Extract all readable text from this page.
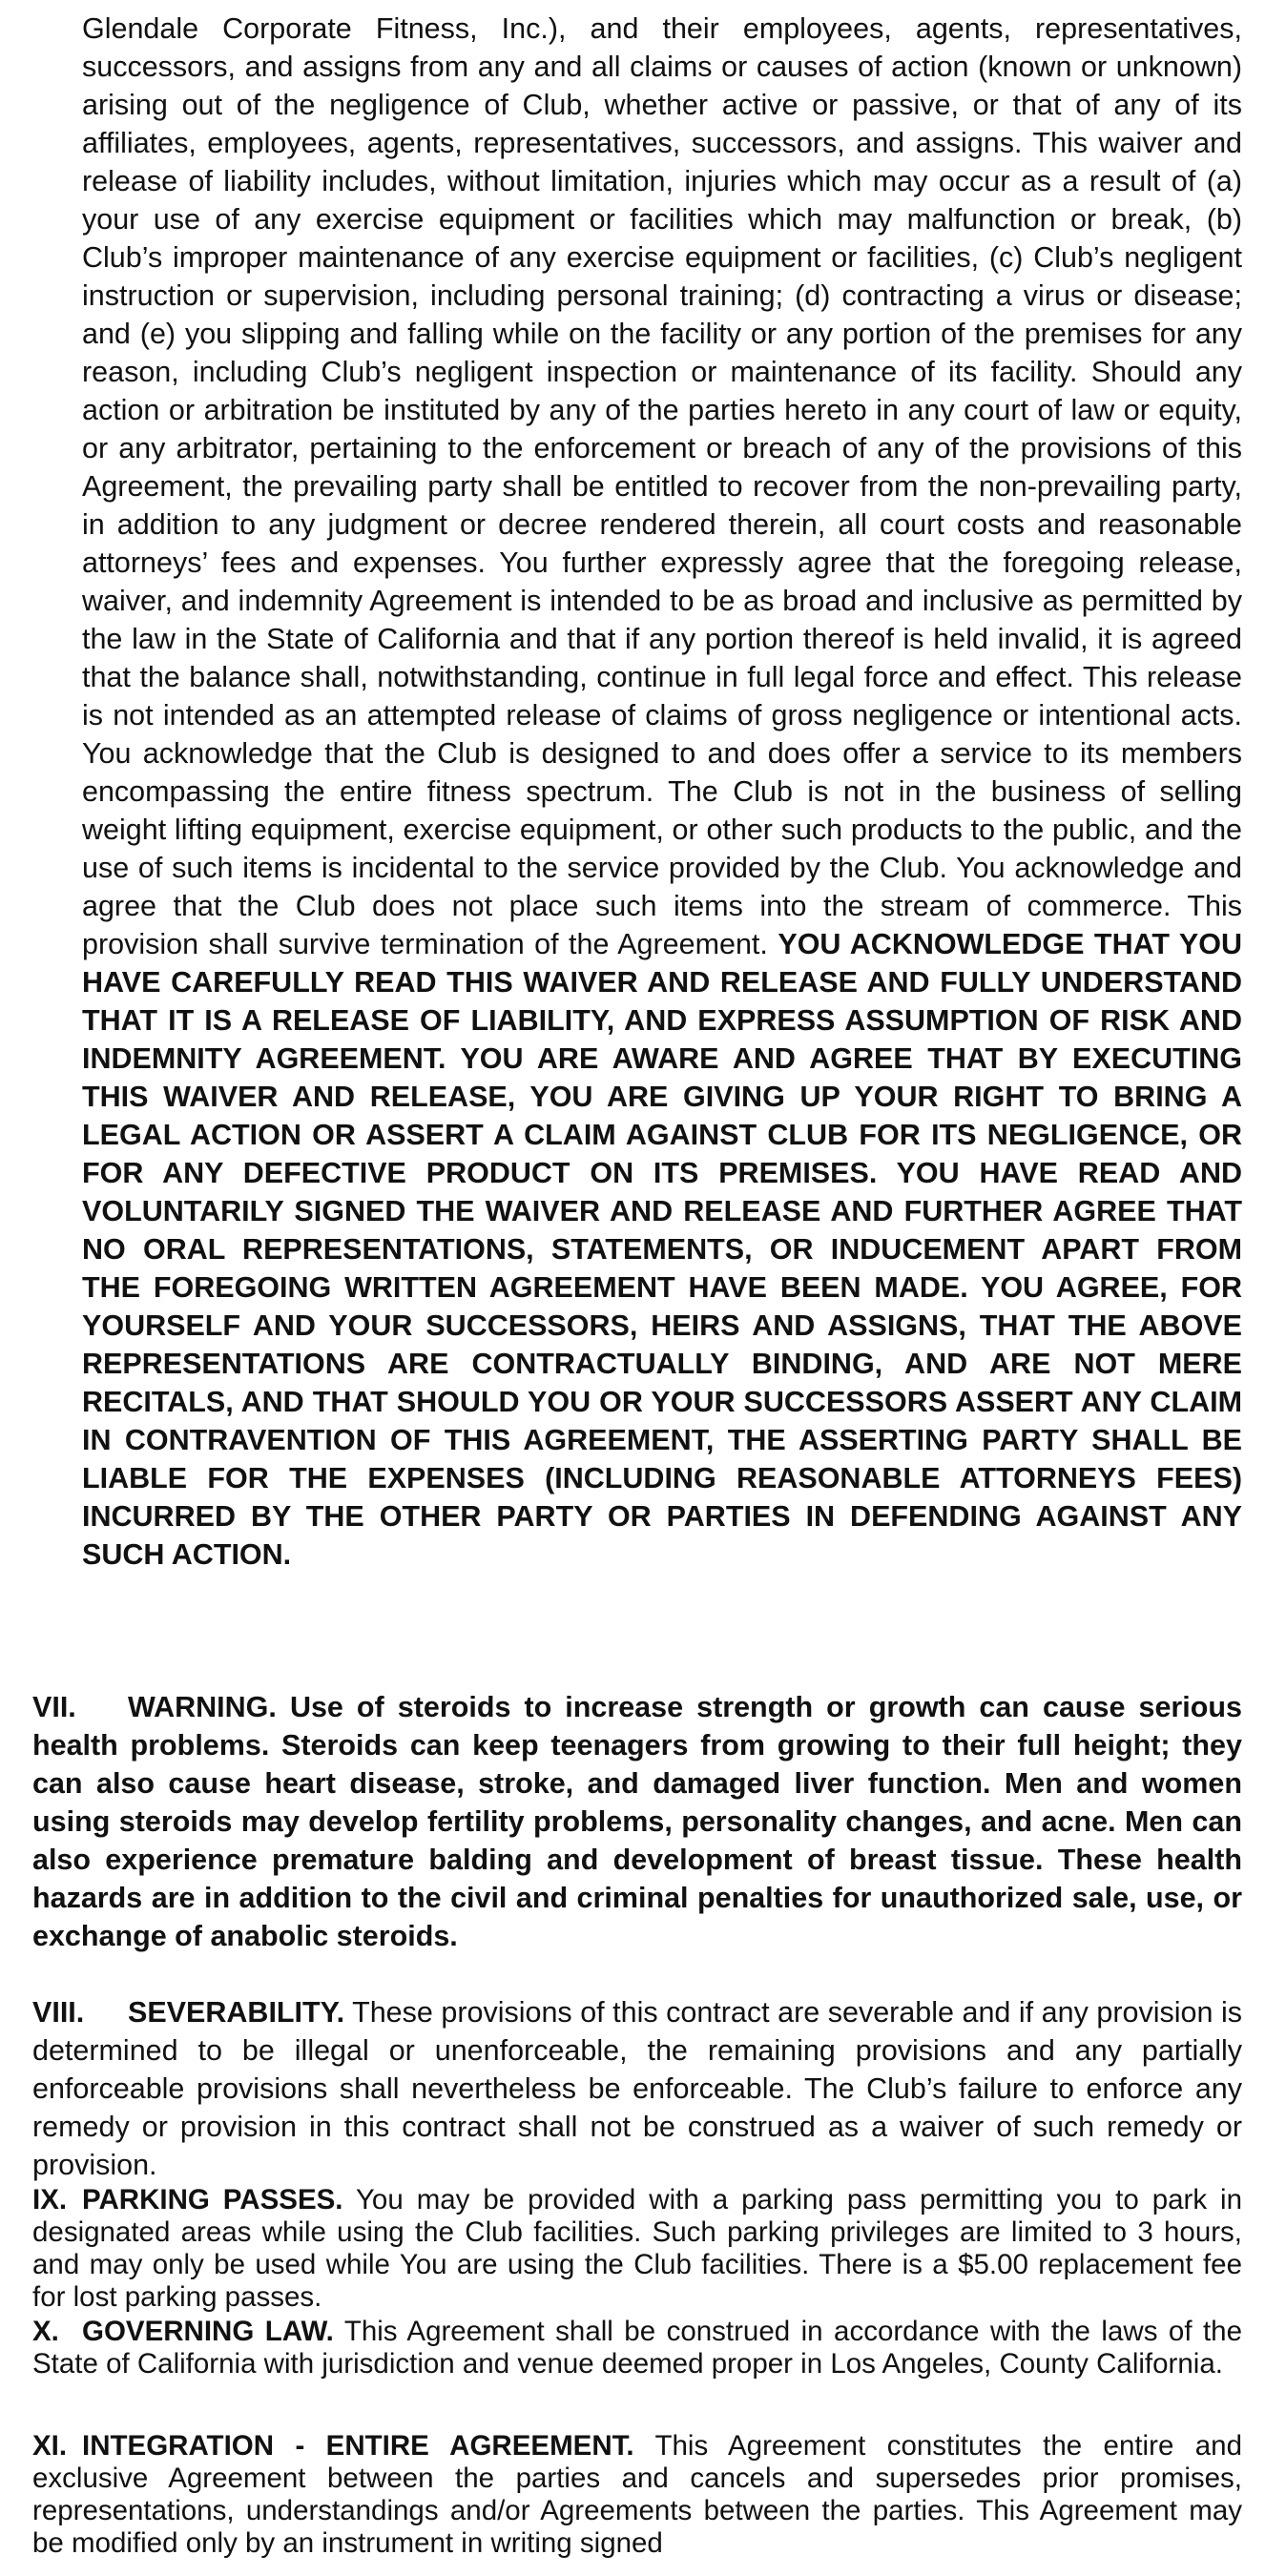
Glendale Corporate Fitness, Inc.), and their employees, agents, representatives, successors, and assigns from any and all claims or causes of action (known or unknown) arising out of the negligence of Club, whether active or passive, or that of any of its affiliates, employees, agents, representatives, successors, and assigns. This waiver and release of liability includes, without limitation, injuries which may occur as a result of (a) your use of any exercise equipment or facilities which may malfunction or break, (b) Club’s improper maintenance of any exercise equipment or facilities, (c) Club’s negligent instruction or supervision, including personal training; (d) contracting a virus or disease; and (e) you slipping and falling while on the facility or any portion of the premises for any reason, including Club’s negligent inspection or maintenance of its facility. Should any action or arbitration be instituted by any of the parties hereto in any court of law or equity, or any arbitrator, pertaining to the enforcement or breach of any of the provisions of this Agreement, the prevailing party shall be entitled to recover from the non-prevailing party, in addition to any judgment or decree rendered therein, all court costs and reasonable attorneys’ fees and expenses. You further expressly agree that the foregoing release, waiver, and indemnity Agreement is intended to be as broad and inclusive as permitted by the law in the State of California and that if any portion thereof is held invalid, it is agreed that the balance shall, notwithstanding, continue in full legal force and effect. This release is not intended as an attempted release of claims of gross negligence or intentional acts. You acknowledge that the Club is designed to and does offer a service to its members encompassing the entire fitness spectrum. The Club is not in the business of selling weight lifting equipment, exercise equipment, or other such products to the public, and the use of such items is incidental to the service provided by the Club. You acknowledge and agree that the Club does not place such items into the stream of commerce. This provision shall survive termination of the Agreement. YOU ACKNOWLEDGE THAT YOU HAVE CAREFULLY READ THIS WAIVER AND RELEASE AND FULLY UNDERSTAND THAT IT IS A RELEASE OF LIABILITY, AND EXPRESS ASSUMPTION OF RISK AND INDEMNITY AGREEMENT. YOU ARE AWARE AND AGREE THAT BY EXECUTING THIS WAIVER AND RELEASE, YOU ARE GIVING UP YOUR RIGHT TO BRING A LEGAL ACTION OR ASSERT A CLAIM AGAINST CLUB FOR ITS NEGLIGENCE, OR FOR ANY DEFECTIVE PRODUCT ON ITS PREMISES. YOU HAVE READ AND VOLUNTARILY SIGNED THE WAIVER AND RELEASE AND FURTHER AGREE THAT NO ORAL REPRESENTATIONS, STATEMENTS, OR INDUCEMENT APART FROM THE FOREGOING WRITTEN AGREEMENT HAVE BEEN MADE. YOU AGREE, FOR YOURSELF AND YOUR SUCCESSORS, HEIRS AND ASSIGNS, THAT THE ABOVE REPRESENTATIONS ARE CONTRACTUALLY BINDING, AND ARE NOT MERE RECITALS, AND THAT SHOULD YOU OR YOUR SUCCESSORS ASSERT ANY CLAIM IN CONTRAVENTION OF THIS AGREEMENT, THE ASSERTING PARTY SHALL BE LIABLE FOR THE EXPENSES (INCLUDING REASONABLE ATTORNEYS FEES) INCURRED BY THE OTHER PARTY OR PARTIES IN DEFENDING AGAINST ANY SUCH ACTION.

VII. WARNING. Use of steroids to increase strength or growth can cause serious health problems. Steroids can keep teenagers from growing to their full height; they can also cause heart disease, stroke, and damaged liver function. Men and women using steroids may develop fertility problems, personality changes, and acne. Men can also experience premature balding and development of breast tissue. These health hazards are in addition to the civil and criminal penalties for unauthorized sale, use, or exchange of anabolic steroids.

VIII. SEVERABILITY. These provisions of this contract are severable and if any provision is determined to be illegal or unenforceable, the remaining provisions and any partially enforceable provisions shall nevertheless be enforceable. The Club’s failure to enforce any remedy or provision in this contract shall not be construed as a waiver of such remedy or provision.

IX. PARKING PASSES. You may be provided with a parking pass permitting you to park in designated areas while using the Club facilities. Such parking privileges are limited to 3 hours, and may only be used while You are using the Club facilities. There is a $5.00 replacement fee for lost parking passes.

X. GOVERNING LAW. This Agreement shall be construed in accordance with the laws of the State of California with jurisdiction and venue deemed proper in Los Angeles, County California.

XI. INTEGRATION - ENTIRE AGREEMENT. This Agreement constitutes the entire and exclusive Agreement between the parties and cancels and supersedes prior promises, representations, understandings and/or Agreements between the parties. This Agreement may be modified only by an instrument in writing signed
